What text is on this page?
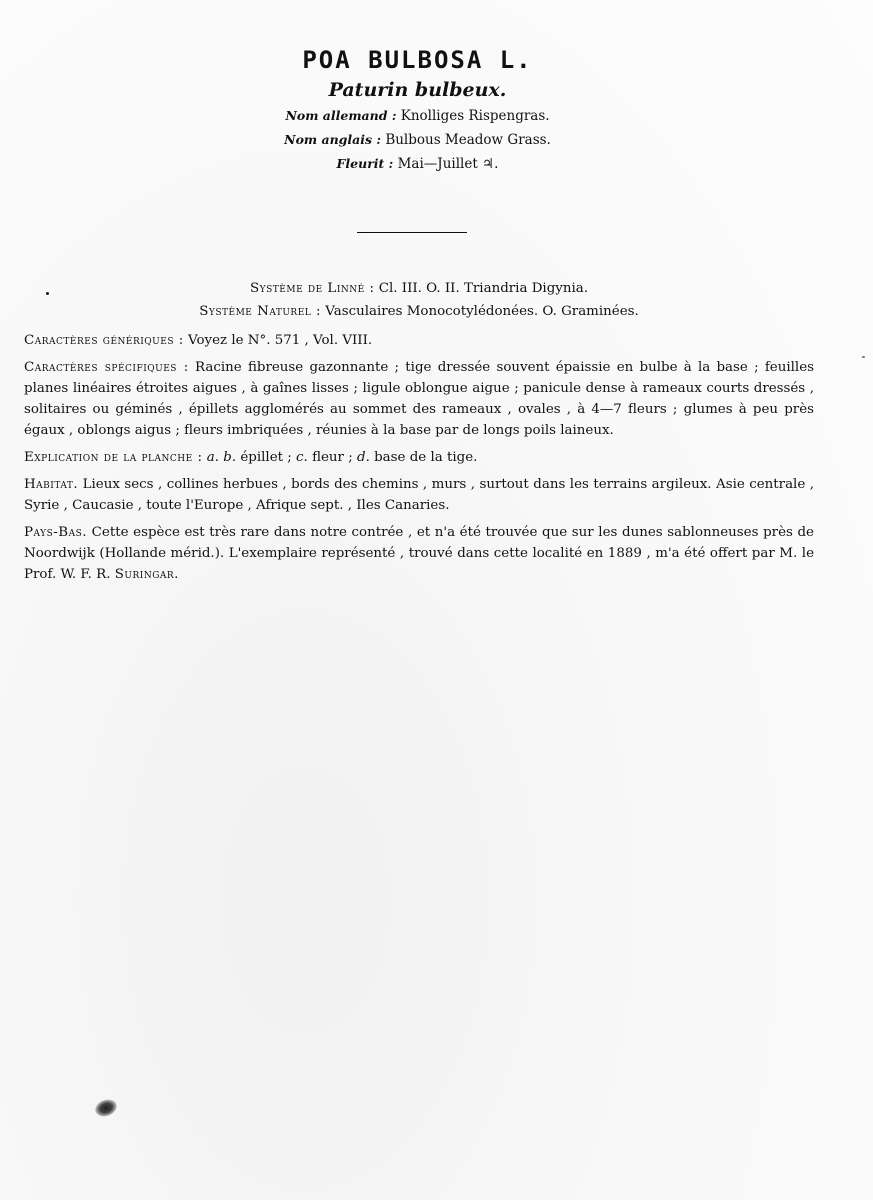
POA BULBOSA L.

Paturin bulbeux.

Nom allemand : Knolliges Rispengras.

Nom anglais : Bulbous Meadow Grass.

Fleurit : Mai—Juillet ♃.

Système de Linné : Cl. III. O. II. Triandria Digynia.

Système Naturel : Vasculaires Monocotylédonées. O. Graminées.

Caractères génériques : Voyez le N°. 571 , Vol. VIII.

Caractères spécifiques : Racine fibreuse gazonnante ; tige dressée souvent épaissie en bulbe à la base ; feuilles planes linéaires étroites aigues , à gaînes lisses ; ligule oblongue aigue ; panicule dense à rameaux courts dressés , solitaires ou géminés , épillets agglomérés au sommet des rameaux , ovales , à 4—7 fleurs ; glumes à peu près égaux , oblongs aigus ; fleurs imbriquées , réunies à la base par de longs poils laineux.

Explication de la planche : a. b. épillet ; c. fleur ; d. base de la tige.

Habitat. Lieux secs , collines herbues , bords des chemins , murs , surtout dans les terrains argileux. Asie centrale , Syrie , Caucasie , toute l'Europe , Afrique sept. , Iles Canaries.

Pays-Bas. Cette espèce est très rare dans notre contrée , et n'a été trouvée que sur les dunes sablonneuses près de Noordwijk (Hollande mérid.). L'exemplaire représenté , trouvé dans cette localité en 1889 , m'a été offert par M. le Prof. W. F. R. Suringar.
